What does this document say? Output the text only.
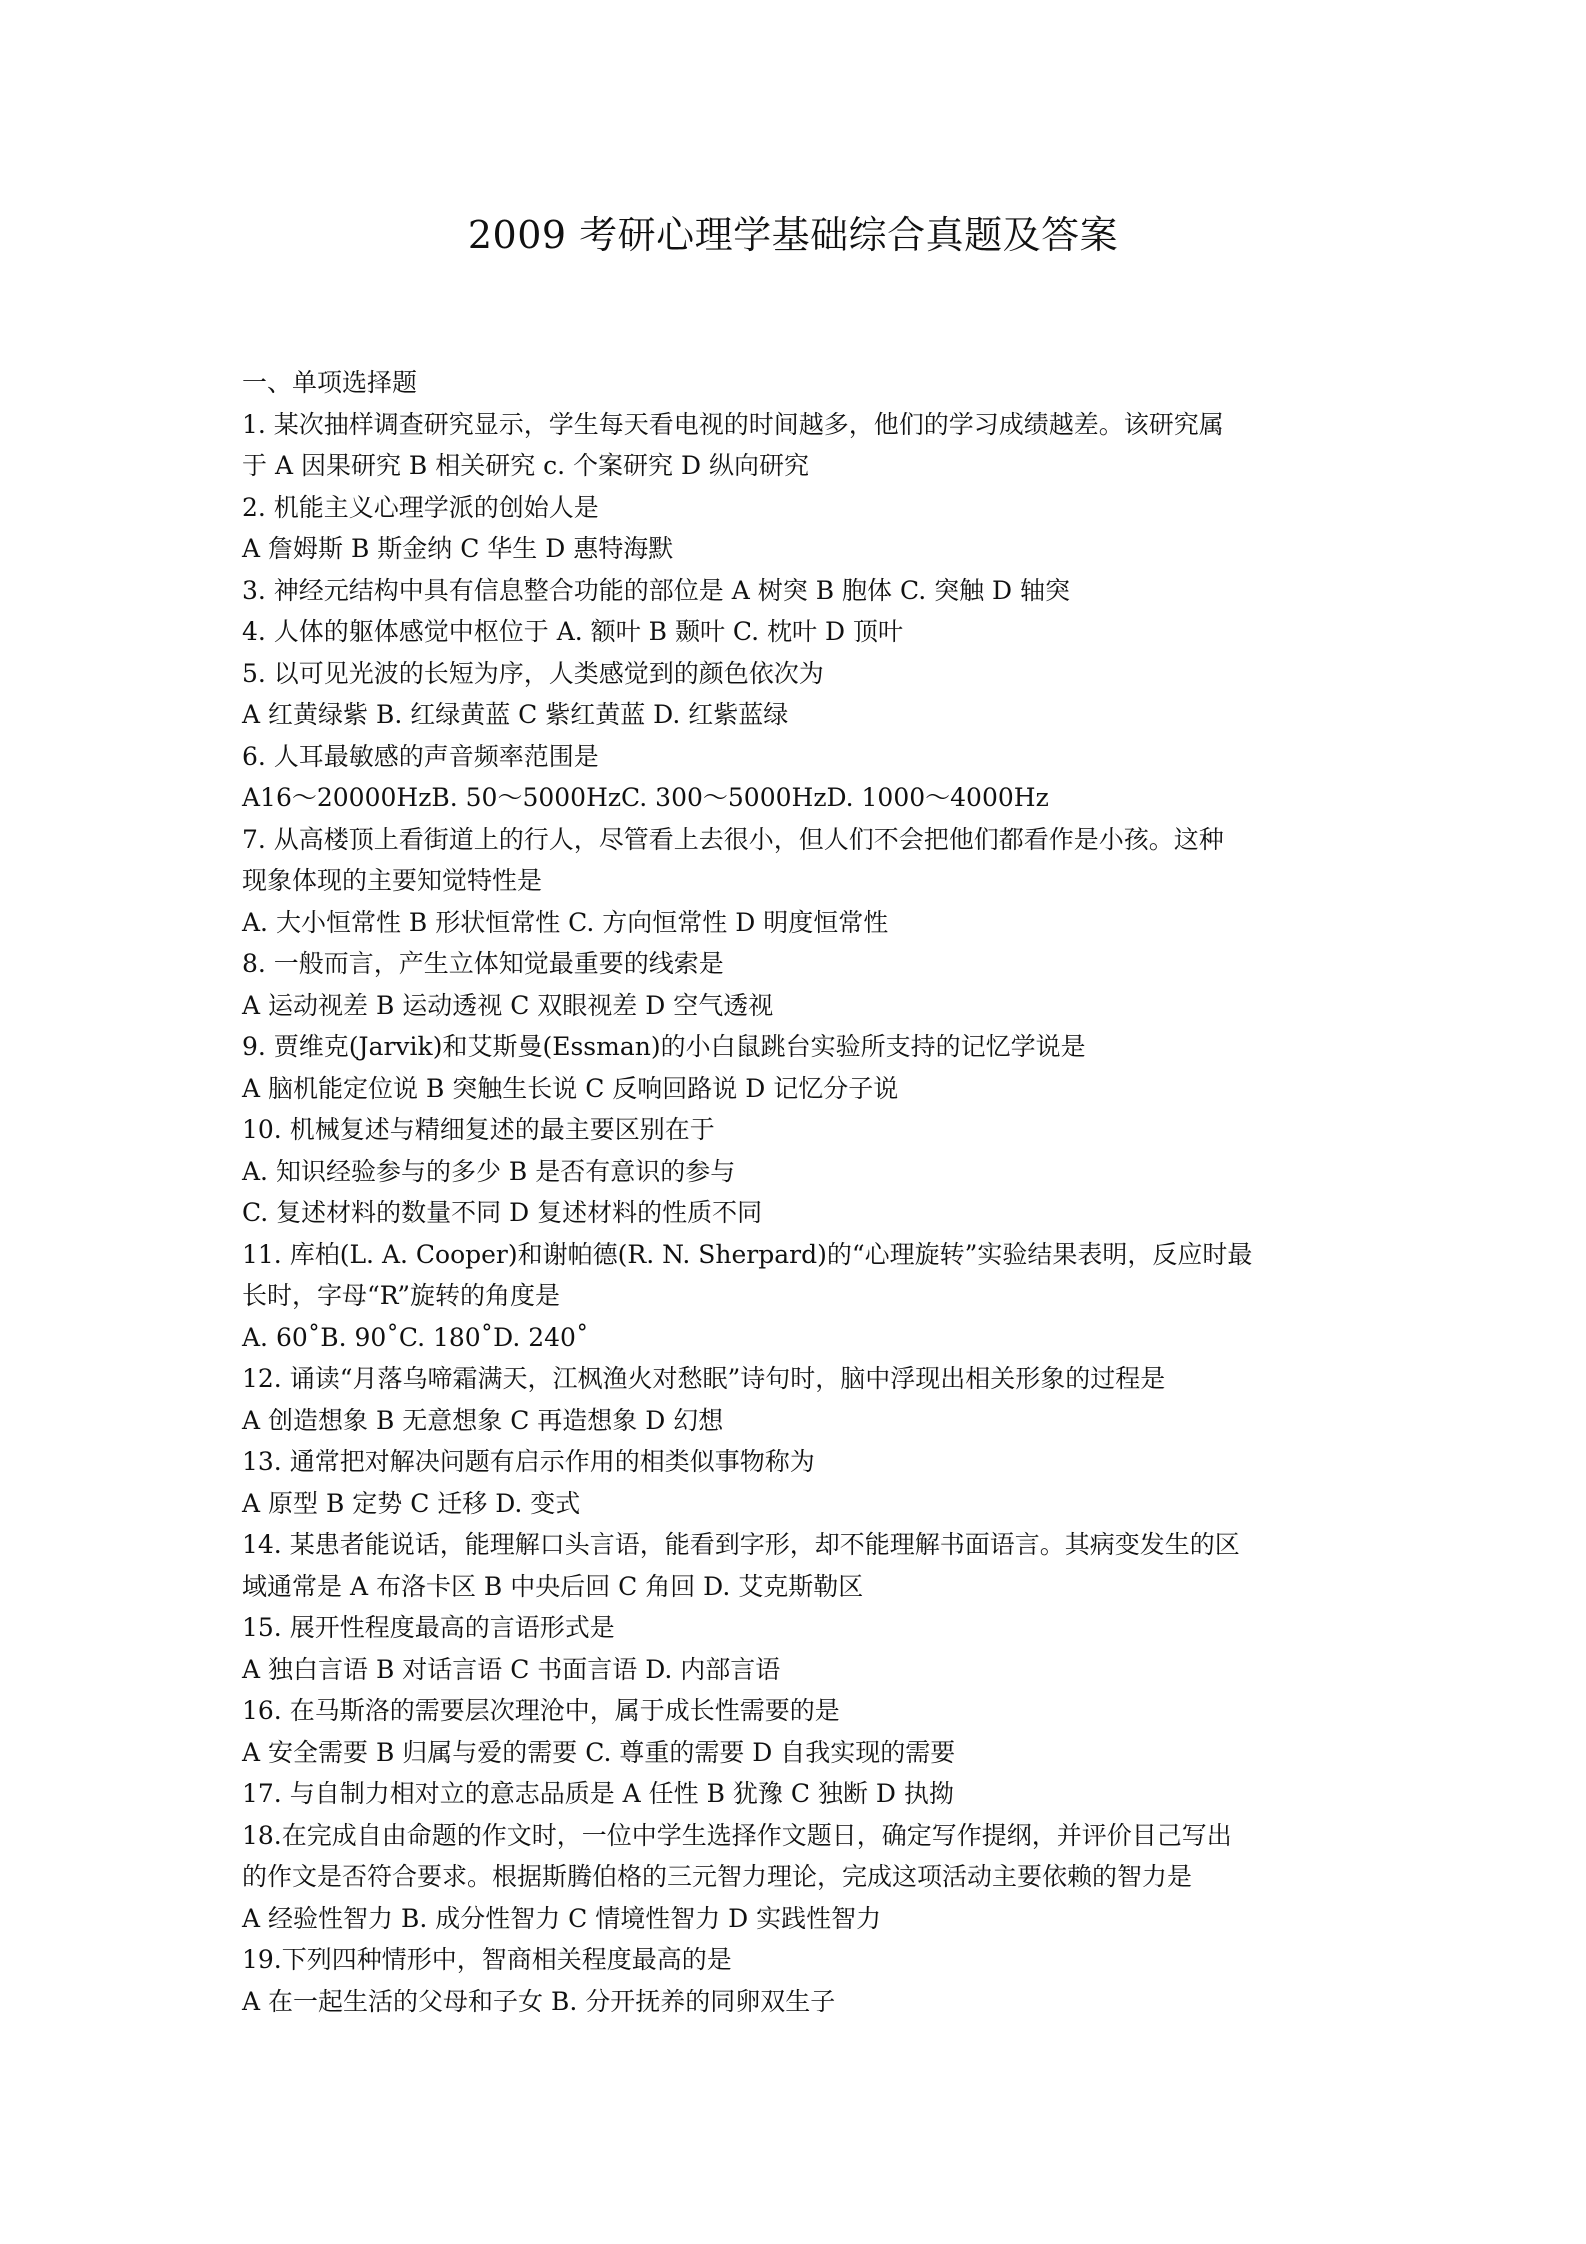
2009 考研心理学基础综合真题及答案
一、单项选择题
1. 某次抽样调查研究显示，学生每天看电视的时间越多，他们的学习成绩越差。该研究属
于 A 因果研究 B 相关研究 c. 个案研究 D 纵向研究
2. 机能主义心理学派的创始人是
A 詹姆斯 B 斯金纳 C 华生 D 惠特海默
3. 神经元结构中具有信息整合功能的部位是 A 树突 B 胞体 C. 突触 D 轴突
4. 人体的躯体感觉中枢位于 A. 额叶 B 颞叶 C. 枕叶 D 顶叶
5. 以可见光波的长短为序，人类感觉到的颜色依次为
A 红黄绿紫 B. 红绿黄蓝 C 紫红黄蓝 D. 红紫蓝绿
6. 人耳最敏感的声音频率范围是
A16～20000HzB. 50～5000HzC. 300～5000HzD. 1000～4000Hz
7. 从高楼顶上看街道上的行人，尽管看上去很小，但人们不会把他们都看作是小孩。这种
现象体现的主要知觉特性是
A. 大小恒常性 B 形状恒常性 C. 方向恒常性 D 明度恒常性
8. 一般而言，产生立体知觉最重要的线索是
A 运动视差 B 运动透视 C 双眼视差 D 空气透视
9. 贾维克(Jarvik)和艾斯曼(Essman)的小白鼠跳台实验所支持的记忆学说是
A 脑机能定位说 B 突触生长说 C 反响回路说 D 记忆分子说
10. 机械复述与精细复述的最主要区别在于
A. 知识经验参与的多少 B 是否有意识的参与
C. 复述材料的数量不同 D 复述材料的性质不同
11. 库柏(L. A. Cooper)和谢帕德(R. N. Sherpard)的“心理旋转”实验结果表明，反应时最
长时，字母“R”旋转的角度是
A. 60˚B. 90˚C. 180˚D. 240˚
12. 诵读“月落乌啼霜满天，江枫渔火对愁眠”诗句时，脑中浮现出相关形象的过程是
A 创造想象 B 无意想象 C 再造想象 D 幻想
13. 通常把对解决问题有启示作用的相类似事物称为
A 原型 B 定势 C 迁移 D. 变式
14. 某患者能说话，能理解口头言语，能看到字形，却不能理解书面语言。其病变发生的区
域通常是 A 布洛卡区 B 中央后回 C 角回 D. 艾克斯勒区
15. 展开性程度最高的言语形式是
A 独白言语 B 对话言语 C 书面言语 D. 内部言语
16. 在马斯洛的需要层次理沧中，属于成长性需要的是
A 安全需要 B 归属与爱的需要 C. 尊重的需要 D 自我实现的需要
17. 与自制力相对立的意志品质是 A 任性 B 犹豫 C 独断 D 执拗
18.在完成自由命题的作文时，一位中学生选择作文题日，确定写作提纲，并评价目己写出
的作文是否符合要求。根据斯腾伯格的三元智力理论，完成这项活动主要依赖的智力是
A 经验性智力 B. 成分性智力 C 情境性智力 D 实践性智力
19.下列四种情形中，智商相关程度最高的是
A 在一起生活的父母和子女 B. 分开抚养的同卵双生子
